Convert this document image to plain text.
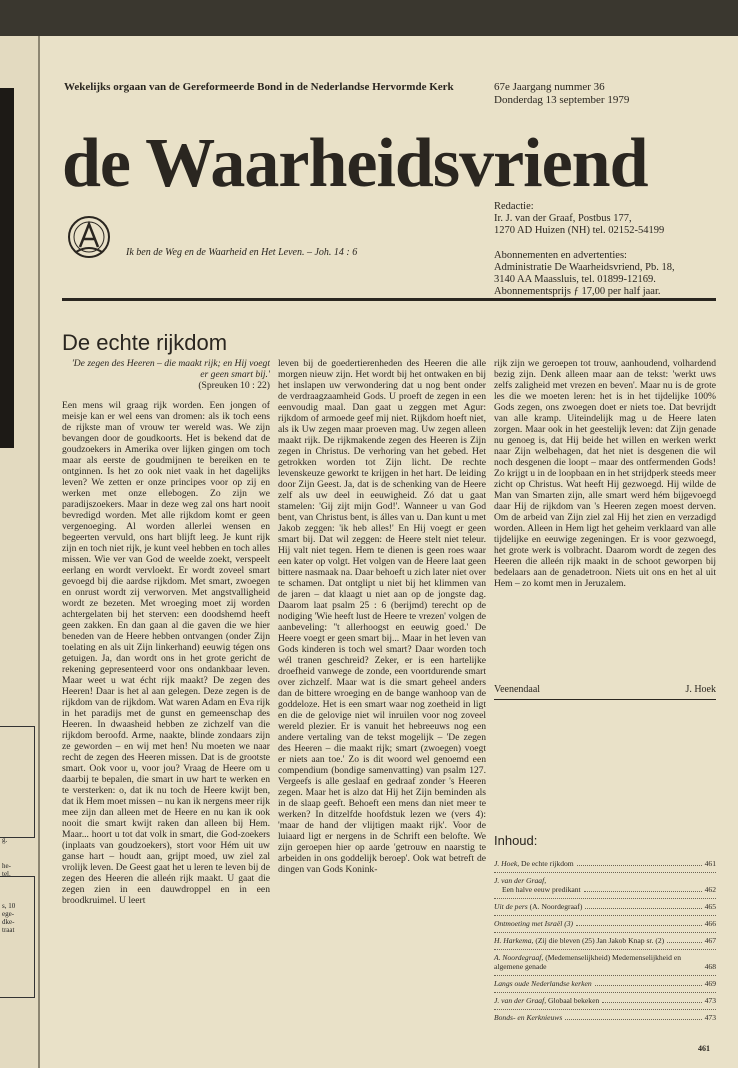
g.
he-
tel.
s, 10
ege-
dke-
traat
Wekelijks orgaan van de Gereformeerde Bond in de Nederlandse Hervormde Kerk	67e Jaargang nummer 36
Donderdag 13 september 1979
de Waarheidsvriend
Ik ben de Weg en de Waarheid en Het Leven. – Joh. 14 : 6
Redactie:
Ir. J. van der Graaf, Postbus 177,
1270 AD Huizen (NH) tel. 02152-54199
Abonnementen en advertenties:
Administratie De Waarheidsvriend, Pb. 18,
3140 AA Maassluis, tel. 01899-12169.
Abonnementsprijs ƒ 17,00 per half jaar.
De echte rijkdom
'De zegen des Heeren – die maakt rijk; en Hij voegt er geen smart bij.'
(Spreuken 10 : 22)

Een mens wil graag rijk worden. Een jongen of meisje kan er wel eens van dromen: als ik toch eens de rijkste man of vrouw ter wereld was. We zijn bevangen door de goudkoorts. Het is bekend dat de goudzoekers in Amerika over lijken gingen om toch maar als eerste de goudmijnen te bereiken en te ontginnen. Is het zo ook niet vaak in het dagelijks leven? We zetten er onze principes voor op zij en werken met onze ellebogen. Zo zijn we paradijszoekers. Maar in deze weg zal ons hart nooit bevredigd worden. Met alle rijkdom komt er geen vergenoeging. Al worden allerlei wensen en begeerten vervuld, ons hart blijft leeg. Je kunt rijk zijn en toch niet rijk, je kunt veel hebben en toch alles missen. Wie ver van God de weelde zoekt, verspeelt eerlang en wordt vervloekt. Er wordt zoveel smart gevoegd bij die aardse rijkdom. Met smart, zwoegen en onrust wordt zij verworven. Met angstvalligheid wordt ze bezeten. Met wroeging moet zij worden achtergelaten bij het sterven: een doodshemd heeft geen zakken. En dan gaan al die gaven die we hier beneden van de Heere hebben ontvangen (onder Zijn toelating en als uit Zijn linkerhand) eeuwig tégen ons getuigen. Ja, dan wordt ons in het grote gericht de rekening gepresenteerd voor ons ondankbaar leven. Maar weet u wat écht rijk maakt? De zegen des Heeren! Daar is het al aan gelegen. Deze zegen is de rijkdom van de rijkdom. Wat waren Adam en Eva rijk in het paradijs met de gunst en gemeenschap des Heeren. In dwaasheid hebben ze zichzelf van die rijkdom beroofd. Arme, naakte, blinde zondaars zijn ze geworden – en wij met hen! Nu moeten we naar recht de zegen des Heeren missen. Dat is de grootste smart. Ook voor u, voor jou? Vraag de Heere om u daarbij te bepalen, die smart in uw hart te werken en te versterken: o, dat ik nu toch de Heere kwijt ben, dat ik Hem moet missen – nu kan ik nergens meer rijk mee zijn dan alleen met de Heere en nu kan ik ook nooit die smart kwijt raken dan alleen bij Hem. Maar... hoort u tot dat volk in smart, die God-zoekers (inplaats van goudzoekers), stort voor Hém uit uw ganse hart – houdt aan, grijpt moed, uw ziel zal vrolijk leven. De Geest gaat het u leren te leven bij de zegen des Heeren die alleén rijk maakt. U gaat die zegen zien in een dauwdroppel en in een broodkruimel. U leert

leven bij de goedertierenheden des Heeren die alle morgen nieuw zijn. Het wordt bij het ontwaken en bij het inslapen uw verwondering dat u nog bent onder de verdraagzaamheid Gods. U proeft de zegen in een eenvoudig maal. Dan gaat u zeggen met Agur: rijkdom of armoede geef mij niet. Rijkdom hoeft niet, als ik Uw zegen maar proeven mag. Uw zegen alleen maakt rijk. De rijkmakende zegen des Heeren is Zijn zegen in Christus. De verhoring van het gebed. Het getrokken worden tot Zijn licht. De rechte levenskeuze geworkt te krijgen in het hart. De leiding door Zijn Geest. Ja, dat is de schenking van de Heere zelf als uw deel in eeuwigheid. Zó dat u gaat stamelen: 'Gij zijt mijn God!'. Wanneer u van God bent, van Christus bent, is álles van u. Dan kunt u met Jakob zeggen: 'ik heb alles!' En Hij voegt er geen smart bij. Dat wil zeggen: de Heere stelt niet teleur. Hij valt niet tegen. Hem te dienen is geen roes waar een kater op volgt. Het volgen van de Heere laat geen bittere nasmaak na. Daar behoeft u zich later niet over te schamen. Dat ontglipt u niet bij het klimmen van de jaren – dat klaagt u niet aan op de jongste dag. Daarom laat psalm 25 : 6 (berijmd) terecht op de nodiging 'Wie heeft lust de Heere te vrezen' volgen de aanbeveling: ''t allerhoogst en eeuwig goed.' De Heere voegt er geen smart bij... Maar in het leven van Gods kinderen is toch wel smart? Daar worden toch wél tranen geschreid? Zeker, er is een hartelijke droefheid vanwege de zonde, een voortdurende smart over zichzelf. Maar wat is die smart geheel anders dan de bittere wroeging en de bange wanhoop van de goddeloze. Het is een smart waar nog zoetheid in ligt en die de gelovige niet wil inruilen voor nog zoveel wereld plezier. Er is vanuit het hebreeuws nog een andere vertaling van de tekst mogelijk – 'De zegen des Heeren – die maakt rijk; smart (zwoegen) voegt er niets aan toe.' Zo is dit woord wel genoemd een compendium (bondige samenvatting) van psalm 127. Vergeefs is alle geslaaf en gedraaf zonder 's Heeren zegen. Maar het is alzo dat Hij het Zijn beminden als in de slaap geeft. Behoeft een mens dan niet meer te werken? In ditzelfde hoofdstuk lezen we (vers 4): 'maar de hand der vlijtigen maakt rijk'. Voor de luiaard ligt er nergens in de Schrift een belofte. We zijn geroepen hier op aarde 'getrouw en naarstig te arbeiden in ons goddelijk beroep'. Ook wat betreft de dingen van Gods Konink-

rijk zijn we geroepen tot trouw, aanhoudend, volhardend bezig zijn. Denk alleen maar aan de tekst: 'werkt uws zelfs zaligheid met vrezen en beven'. Maar nu is de grote les die we moeten leren: het is in het tijdelijke 100% Gods zegen, ons zwoegen doet er niets toe. Dat bevrijdt van alle kramp. Uiteindelijk mag u de Heere laten zorgen. Maar ook in het geestelijk leven: dat Zijn genade nu genoeg is, dat Hij beide het willen en werken werkt naar Zijn welbehagen, dat het niet is desgenen die wil noch desgenen die loopt – maar des ontfermenden Gods! Zo krijgt u in de loopbaan en in het strijdperk steeds meer zicht op Christus. Wat heeft Hij gezwoegd. Hij wilde de Man van Smarten zijn, alle smart werd hém bijgevoegd daar Hij de rijkdom van 's Heeren zegen moest derven. Om de arbeid van Zijn ziel zal Hij het zien en verzadigd worden. Alleen in Hem ligt het geheim verklaard van alle tijdelijke en eeuwige zegeningen. Er is voor gezwoegd, het grote werk is volbracht. Daarom wordt de zegen des Heeren die alleén rijk maakt in de schoot geworpen bij bedelaars aan de genadetroon. Niets uit ons en het al uit Hem – zo komt men in Jeruzalem.

Veenendaal	J. Hoek
Inhoud:
J. Hoek, De echte rijkdom	461
J. van der Graaf,
Een halve eeuw predikant	462
Uit de pers (A. Noordegraaf)	465
Ontmoeting met Israël (3)	466
H. Harkema, (Zij die bleven (25) Jan Jakob Knap sr. (2)	467
A. Noordegraaf, (Medemenselijkheid) Medemenselijkheid en algemene genade	468
Langs oude Nederlandse kerken	469
J. van der Graaf, Globaal bekeken	473
Bonds- en Kerknieuws	473
461
